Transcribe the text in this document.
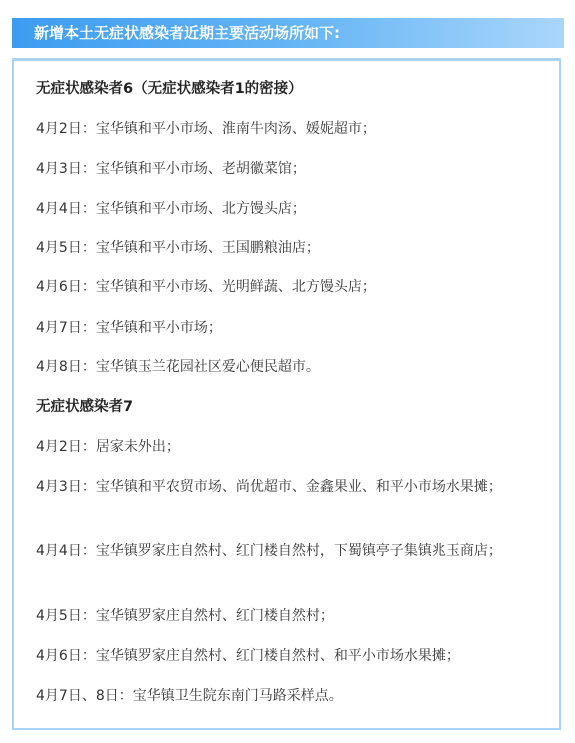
新增本土无症状感染者近期主要活动场所如下:
无症状感染者6（无症状感染者1的密接）
4月2日：宝华镇和平小市场、淮南牛肉汤、媛妮超市；
4月3日：宝华镇和平小市场、老胡徽菜馆；
4月4日：宝华镇和平小市场、北方馒头店；
4月5日：宝华镇和平小市场、王国鹏粮油店；
4月6日：宝华镇和平小市场、光明鲜蔬、北方馒头店；
4月7日：宝华镇和平小市场；
4月8日：宝华镇玉兰花园社区爱心便民超市。
无症状感染者7
4月2日：居家未外出；
4月3日：宝华镇和平农贸市场、尚优超市、金鑫果业、和平小市场水果摊；
4月4日：宝华镇罗家庄自然村、红门楼自然村，下蜀镇亭子集镇兆玉商店；
4月5日：宝华镇罗家庄自然村、红门楼自然村；
4月6日：宝华镇罗家庄自然村、红门楼自然村、和平小市场水果摊；
4月7日、8日：宝华镇卫生院东南门马路采样点。
